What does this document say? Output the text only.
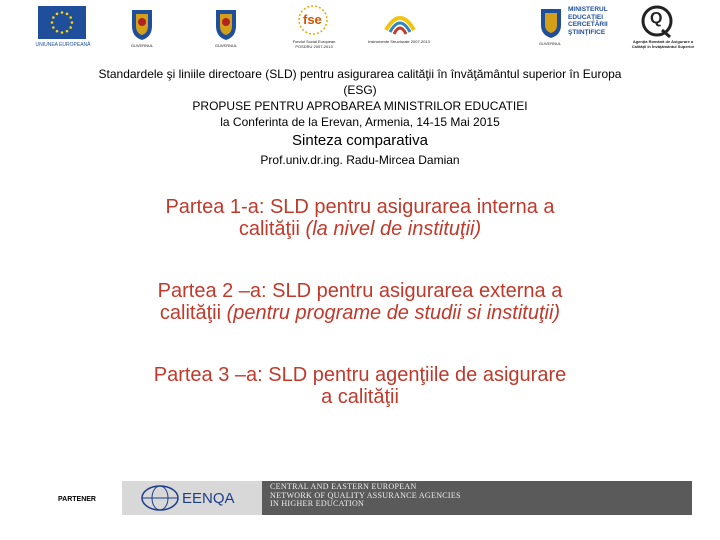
UNIUNEA EUROPEANĂ	GUVERNUL	GUVERNUL
fse
Fondul Social European POSDRU 2007-2013
Instrumente Structurale 2007-2013	GUVERNUL
MINISTERUL EDUCAŢIEI CERCETĂRII ŞTIINŢIFICE
Q
Agenţia Română de Asigurare a Calităţii în Învăţământul Superior
Standardele şi liniile directoare (SLD) pentru asigurarea calităţii în învăţământul superior în Europa
(ESG)
PROPUSE PENTRU APROBAREA MINISTRILOR EDUCATIEI
la Conferinta de la Erevan, Armenia, 14-15 Mai 2015
Sinteza comparativa
Prof.univ.dr.ing. Radu-Mircea Damian
Partea 1-a: SLD pentru asigurarea interna a
calităţii (la nivel de instituţii)
Partea 2 –a: SLD pentru asigurarea externa a
calităţii (pentru programe de studii si instituţii)
Partea 3 –a: SLD pentru agenţiile de asigurare
a calităţii
PARTENER	EENQA
CENTRAL AND EASTERN EUROPEAN
NETWORK OF QUALITY ASSURANCE AGENCIES
IN HIGHER EDUCATION
